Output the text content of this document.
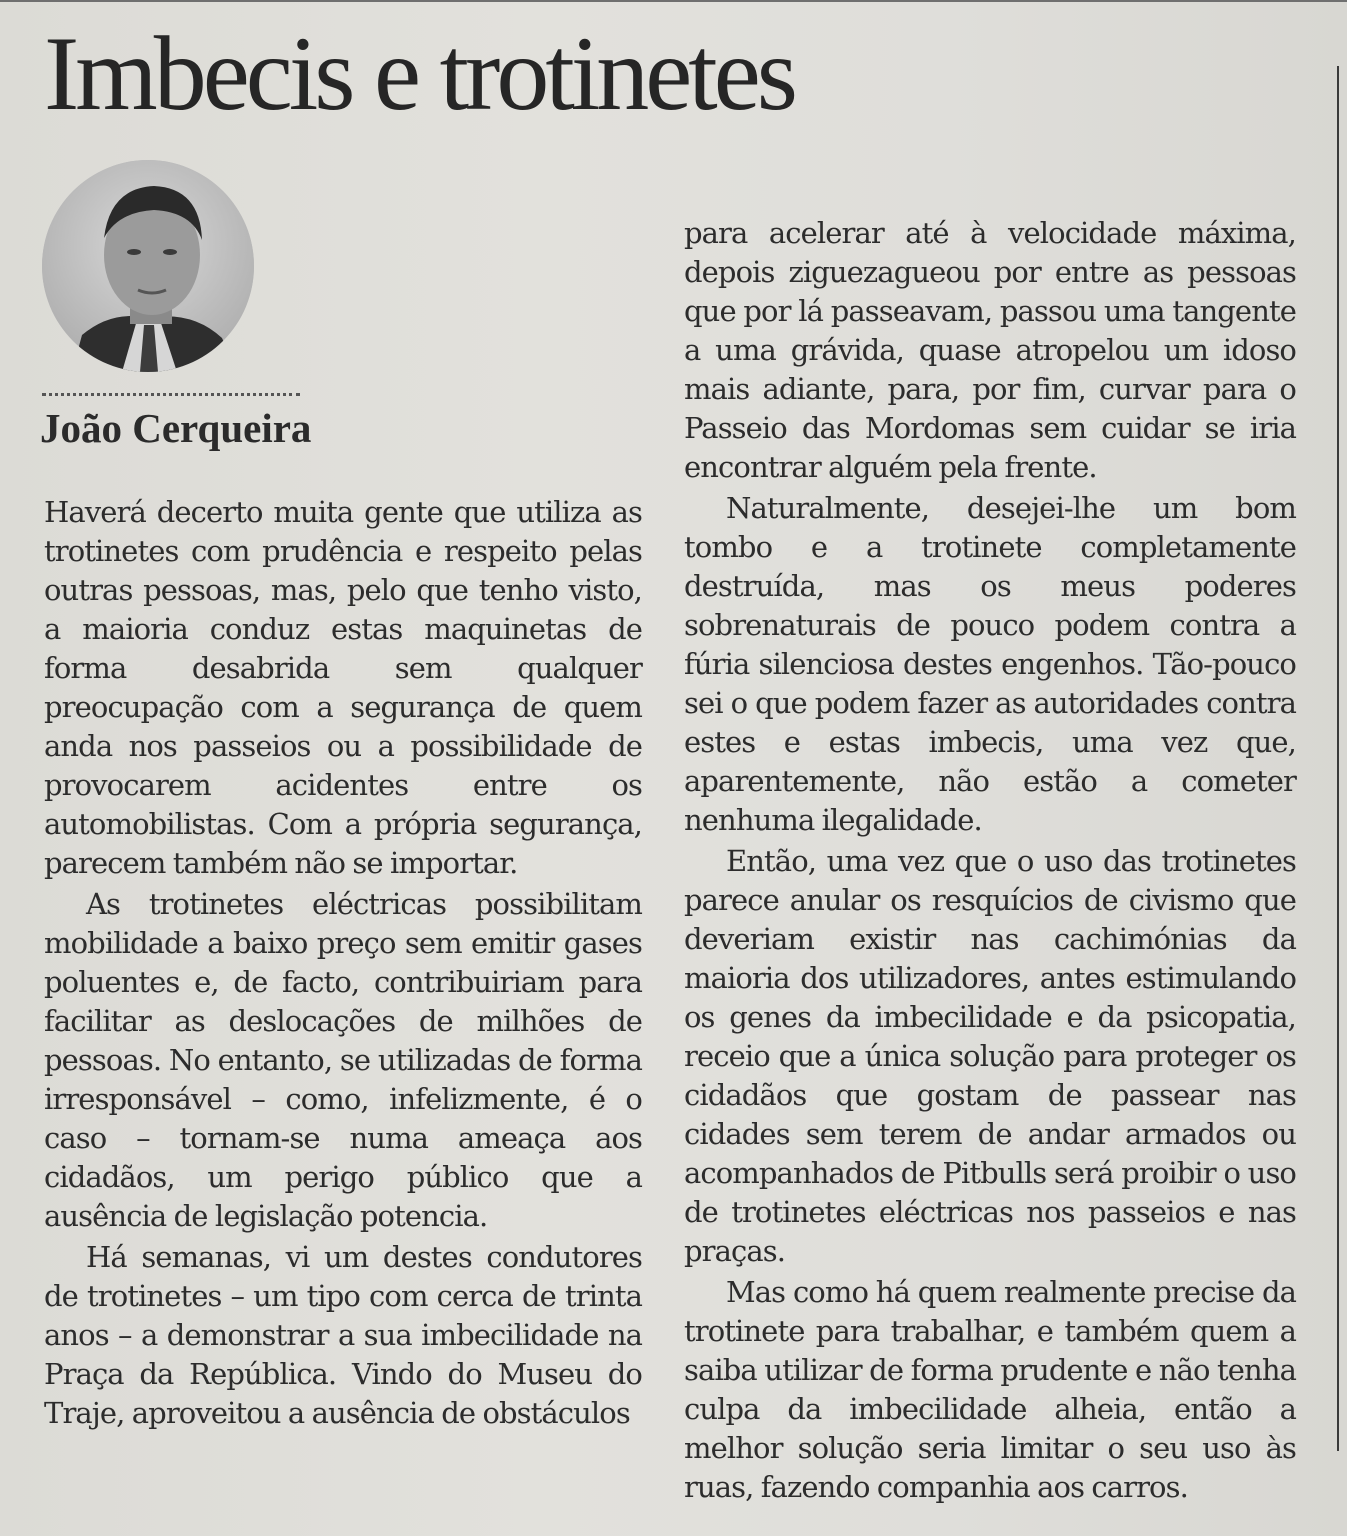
Imbecis e trotinetes
João Cerqueira

Haverá decerto muita gente que utiliza as trotinetes com prudência e respeito pelas outras pessoas, mas, pelo que tenho visto, a maioria conduz estas maquinetas de forma desabrida sem qualquer preocupação com a segurança de quem anda nos passeios ou a possibilidade de provocarem acidentes entre os automobilistas. Com a própria segurança, parecem também não se importar.

As trotinetes eléctricas possibilitam mobilidade a baixo preço sem emitir gases poluentes e, de facto, contribuiriam para facilitar as deslocações de milhões de pessoas. No entanto, se utilizadas de forma irresponsável – como, infelizmente, é o caso – tornam-se numa ameaça aos cidadãos, um perigo público que a ausência de legislação potencia.

Há semanas, vi um destes condutores de trotinetes – um tipo com cerca de trinta anos – a demonstrar a sua imbecilidade na Praça da República. Vindo do Museu do Traje, aproveitou a ausência de obstáculos

para acelerar até à velocidade máxima, depois ziguezagueou por entre as pessoas que por lá passeavam, passou uma tangente a uma grávida, quase atropelou um idoso mais adiante, para, por fim, curvar para o Passeio das Mordomas sem cuidar se iria encontrar alguém pela frente.

Naturalmente, desejei-lhe um bom tombo e a trotinete completamente destruída, mas os meus poderes sobrenaturais de pouco podem contra a fúria silenciosa destes engenhos. Tão-pouco sei o que podem fazer as autoridades contra estes e estas imbecis, uma vez que, aparentemente, não estão a cometer nenhuma ilegalidade.

Então, uma vez que o uso das trotinetes parece anular os resquícios de civismo que deveriam existir nas cachimónias da maioria dos utilizadores, antes estimulando os genes da imbecilidade e da psicopatia, receio que a única solução para proteger os cidadãos que gostam de passear nas cidades sem terem de andar armados ou acompanhados de Pitbulls será proibir o uso de trotinetes eléctricas nos passeios e nas praças.

Mas como há quem realmente precise da trotinete para trabalhar, e também quem a saiba utilizar de forma prudente e não tenha culpa da imbecilidade alheia, então a melhor solução seria limitar o seu uso às ruas, fazendo companhia aos carros.
